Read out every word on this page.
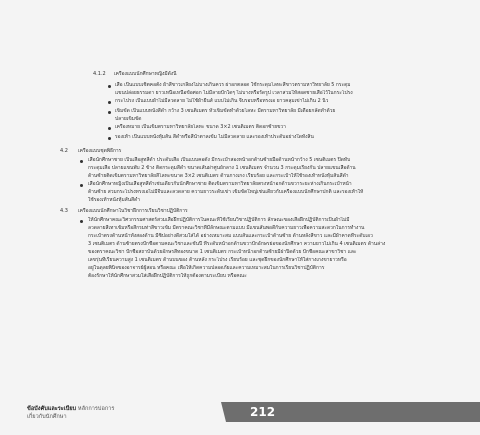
4.1.2 เครื่องแบบนักศึกษาหญิงมีดังนี้
เสื้อ เป็นแบบเชิ้ตคอตั้ง ผ้าสีขาวเกลี้ยงไม่บางเกินควร ผ่าอกตลอด ใช้กระดุมโลหะสีขาวตรามหาวิทยาลัย 5 กระดุม
แขนปล่อยธรรมดา ยาวเหนือเหนือข้อศอก ไม่มีลายปักใดๆ ไม่บางหรือรัดรูป เวลาสวมให้สอดชายเสื้อไว้ในกระโปรง
กระโปรง เป็นแบบผ้าไม่มีลวดลาย ไม่ใช้ผ้ายีนส์ แบบไม่เกิน จีบรอบหรือทรงเอ ยาวคลุมเข่าไม่เกิน 2 นิ้ว
เข็มขัด เป็นแบบหนังสีดำ กว้าง 3 เซนติเมตร หัวเข็มขัดทำด้วยโลหะ มีตรามหาวิทยาลัย มีเดือยกลัดทำด้วย
ปลายเข็มขัด
เครื่องหมาย เป็นเข็มตรามหาวิทยาลัยโลหะ ขนาด 3×2 เซนติเมตร ติดอกซ้ายขวา
รองเท้า เป็นแบบหนังหุ้มส้น สีดำหรือสีน้ำตาลเข้ม ไม่มีลวดลาย และรองเท้าประดับอย่างใดทั้งสิ้น
4.2 เครื่องแบบชุดพิธีการ
เสื้อนักศึกษาชาย เป็นเสื้อสูทสีดำ ประดับเสื้อ เป็นแบบคอตั้ง มีกระเป๋าสองหน้าอกด้านซ้ายมือด้านหน้ากว้าง 5 เซนติเมตร ปิดทับ
กระดุมเสื้อ ปลายแขนพับ 2 ข้าง ติดกระดุมสีดำ ขนาดเส้นผ่าศูนย์กลาง 1 เซนติเมตร จำนวน 3 กระดุมเรียงกัน ปลายแขนเสื้อด้าน
ด้านซ้ายติดเข็มตรามหาวิทยาลัยสีโลหะขนาด 3×2 เซนติเมตร ด้านกางเกง เรียบร้อย และกระเป๋าให้ใช้รองเท้าหนังหุ้มส้นสีดำ
เสื้อนักศึกษาหญิงเป็นเสื้อสูทสีดำเช่นเดียวกับนักศึกษาชาย ติดเข็มตรามหาวิทยาลัยตรงหน้าอกด้านขวาระยะห่างเกินกระเป๋าหน้า
ด้านซ้าย สวมกระโปรงทรงเอไม่มีจีบและลวดลาย ความยาวระดับเข่า เข็มขัดใหญ่เช่นเดียวกับเครื่องแบบนักศึกษาปกติ และรองเท้าให้
ใช้รองเท้าหนังหุ้มส้นสีดำ
4.3 เครื่องแบบนักศึกษาในวิชาฝึกการเรียนวิชาปฏิบัติการ
ให้นักศึกษาคณะวิศวกรรมศาสตร์สวมเสื้อฝึกปฏิบัติการในคณะที่ใช้เรียนวิชาปฏิบัติการ ลักษณะของเสื้อฝึกปฏิบัติการเป็นผ้าไม่มี
ลวดลายสีเทาเข้มหรือสีกรมท่าสีขาวเข้ม มีตราคณะวิชาที่มีลักษณะตามแบบ มีแขนสั้นพอดีกับความยาวเพื่อความสะดวกในการทำงาน
กระเป๋าตรงด้านหน้าทั้งสองด้าน มีซิปอย่างดีสวมใส่ได้ อย่างเหมาะสม แบบสั้นและกระเป๋าด้านซ้าย ด้านหลังสีขาว และมีผ้าคาดที่ระดับเอว
3 เซนติเมตร ด้านซ้ายตรงปักชื่อตามคณะวิชาและชั้นปี ที่ระดับหน้าอกด้านขวาปักอักษรย่อของนักศึกษา ความยาวไม่เกิน 4 เซนติเมตร ด้านล่าง
ของตราคณะวิชา ปักชื่อสถาบันด้วยอักษรสีทองขนาด 1 เซนติเมตร กระเป๋าหน้าอกด้านซ้ายมีฝาปิดด้วย ปักชื่อคณะสาขาวิชา และ
เลขรุ่นที่เรียนความสูง 1 เซนติเมตร ด้านบนของ ด้านหลัง กระโปรง เรียบร้อย และชุดฝึกของนักศึกษาให้ใส่กางเกงขายาวหรือ
อยู่ในดุลยพินิจของอาจารย์ผู้สอน หรือคณะ เพื่อให้เกิดความปลอดภัยและความเหมาะสมในการเรียนวิชาปฏิบัติการ
ต้องรักษาให้นักศึกษาสวมใส่เสื้อฝึกปฏิบัติการให้ถูกต้องตามระเบียบ หรือคณะ
ข้อบังคับและระเบียบ หลักการบ่อการ
เกี่ยวกับนักศึกษา	212
